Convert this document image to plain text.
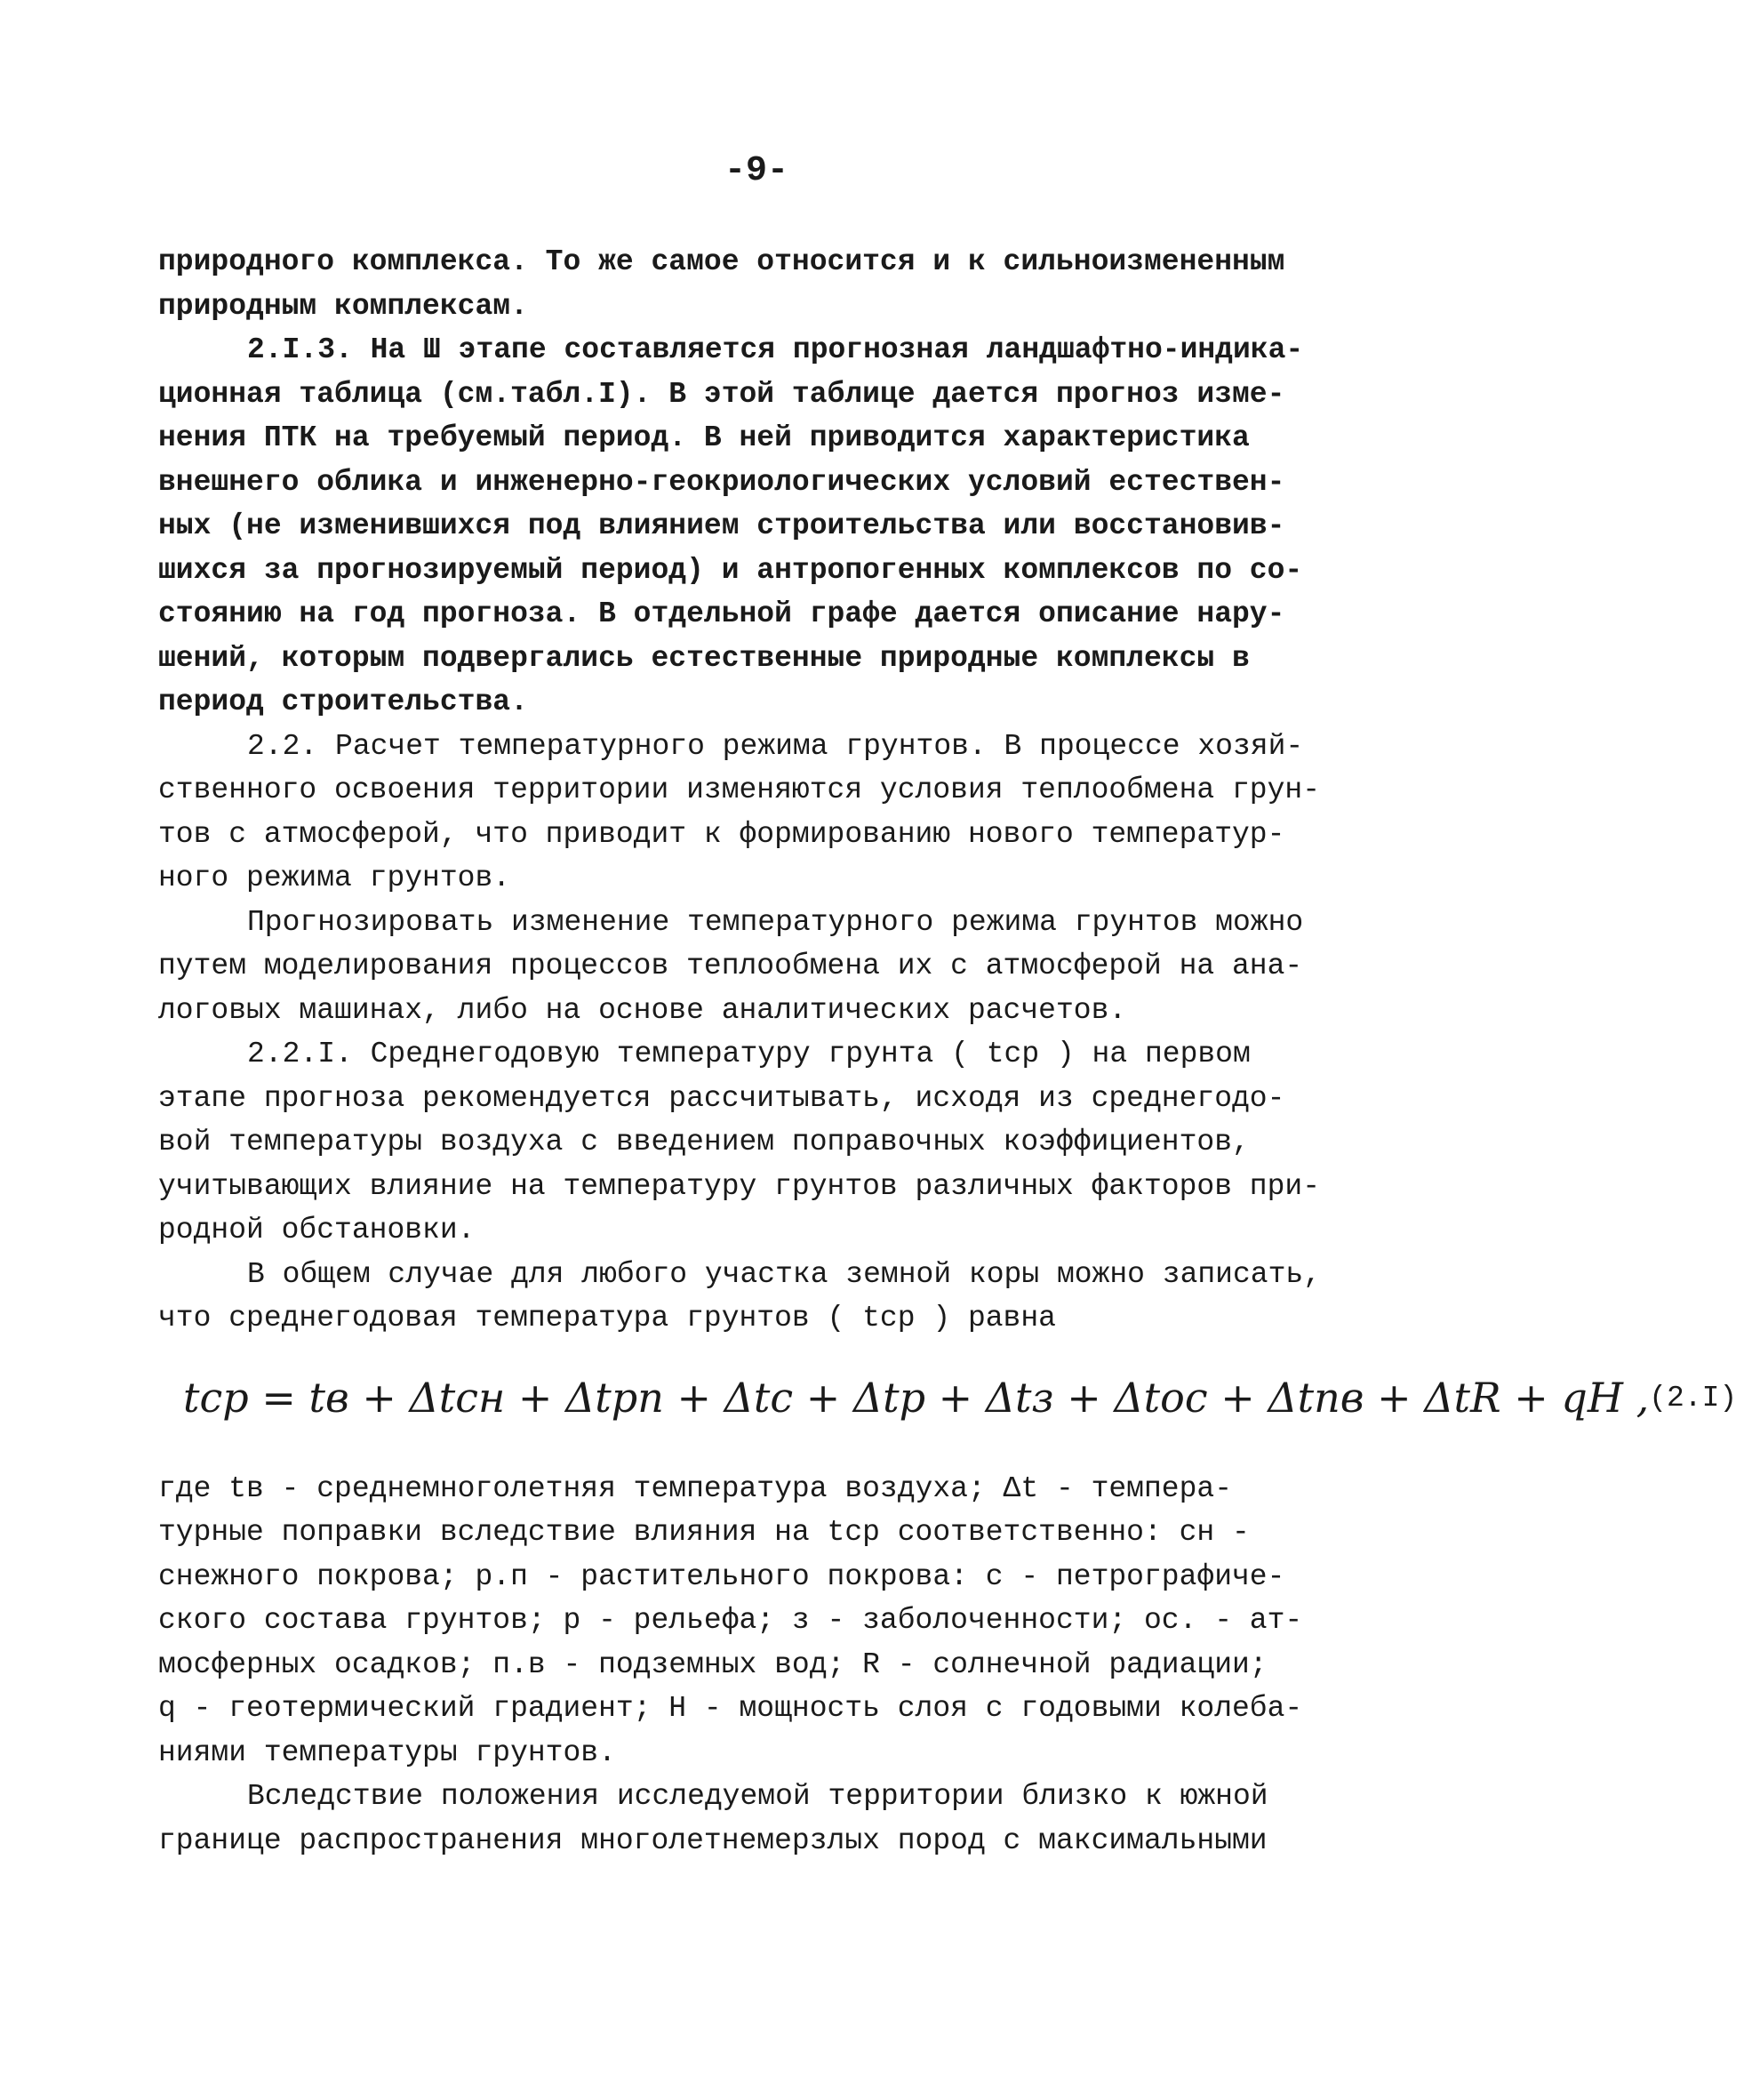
-9-
природного комплекса. То же самое относится и к сильноизмененным
природным комплексам.
2.I.3. На Ш этапе составляется прогнозная ландшафтно-индика-
ционная таблица (см.табл.I). В этой таблице дается прогноз изме-
нения ПТК на требуемый период. В ней приводится характеристика
внешнего облика и инженерно-геокриологических условий естествен-
ных (не изменившихся под влиянием строительства или восстановив-
шихся за прогнозируемый период) и антропогенных комплексов по со-
стоянию на год прогноза. В отдельной графе дается описание нару-
шений, которым подвергались естественные природные комплексы в
период строительства.
2.2. Расчет температурного режима грунтов. В процессе хозяй-
ственного освоения территории изменяются условия теплообмена грун-
тов с атмосферой, что приводит к формированию нового температур-
ного режима грунтов.
Прогнозировать изменение температурного режима грунтов можно
путем моделирования процессов теплообмена их с атмосферой на ана-
логовых машинах, либо на основе аналитических расчетов.
2.2.I. Среднегодовую температуру грунта ( tср ) на первом
этапе прогноза рекомендуется рассчитывать, исходя из среднегодо-
вой температуры воздуха с введением поправочных коэффициентов,
учитывающих влияние на температуру грунтов различных факторов при-
родной обстановки.
В общем случае для любого участка земной коры можно записать,
что среднегодовая температура грунтов ( tср ) равна
tср = tв + Δtсн + Δtрп + Δtс + Δtр + Δtз + Δtос + Δtпв + ΔtR + qH , (2.I)
где tв - среднемноголетняя температура воздуха; Δt - темпера-
турные поправки вследствие влияния на tср соответственно: сн -
снежного покрова; р.п - растительного покрова: с - петрографиче-
ского состава грунтов; р - рельефа; з - заболоченности; ос. - ат-
мосферных осадков; п.в - подземных вод; R - солнечной радиации;
q - геотермический градиент; Н - мощность слоя с годовыми колеба-
ниями температуры грунтов.
Вследствие положения исследуемой территории близко к южной
границе распространения многолетнемерзлых пород с максимальными
